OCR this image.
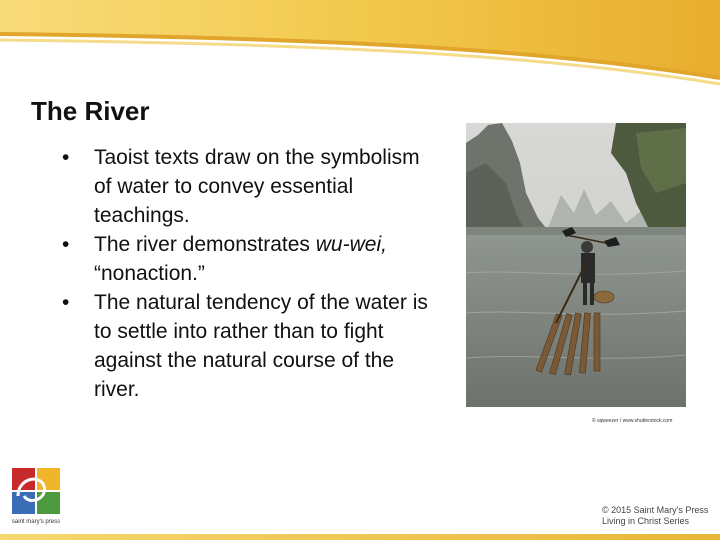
The River
• Taoist texts draw on the symbolism of water to convey essential teachings.
• The river demonstrates wu-wei, “nonaction.”
• The natural tendency of the water is to settle into rather than to fight against the natural course of the river.
© sqweezer / www.shutterstock.com
saint mary's press
© 2015 Saint Mary's Press
Living in Christ Series
